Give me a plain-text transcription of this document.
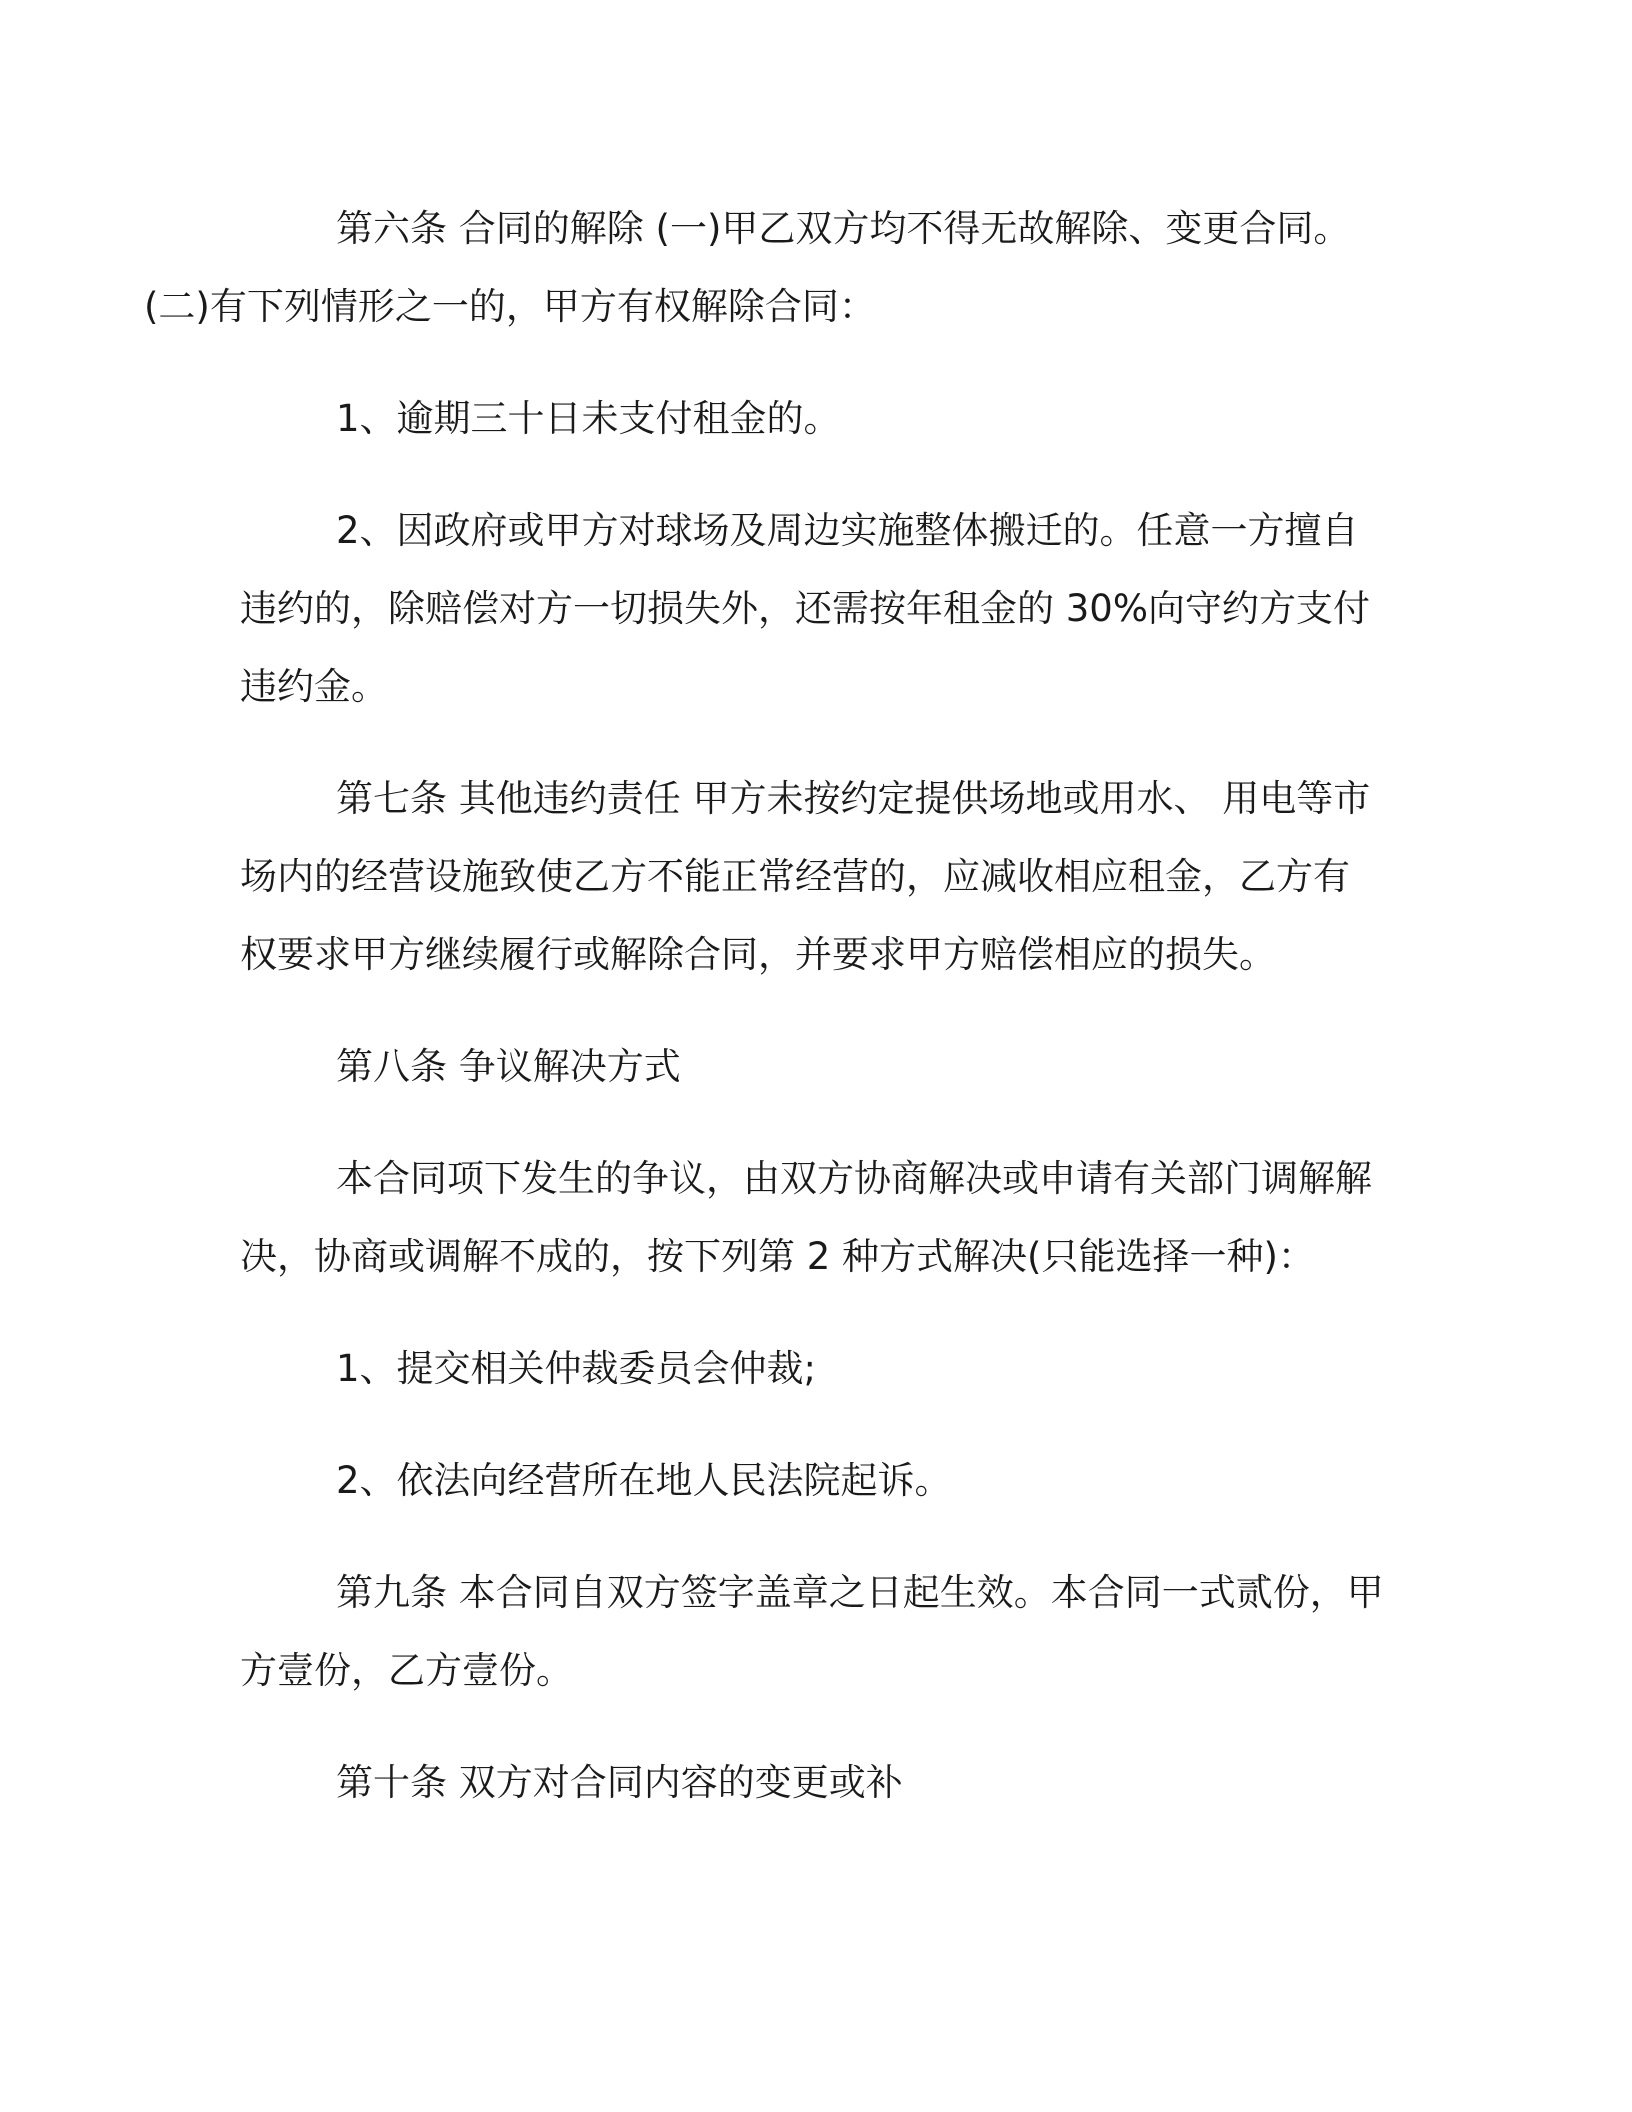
第六条 合同的解除 (一)甲乙双方均不得无故解除、变更合同。
(二)有下列情形之一的，甲方有权解除合同：

1、逾期三十日未支付租金的。

2、因政府或甲方对球场及周边实施整体搬迁的。任意一方擅自
违约的，除赔偿对方一切损失外，还需按年租金的 30%向守约方支付
违约金。

第七条 其他违约责任 甲方未按约定提供场地或用水、 用电等市
场内的经营设施致使乙方不能正常经营的，应减收相应租金，乙方有
权要求甲方继续履行或解除合同，并要求甲方赔偿相应的损失。

第八条 争议解决方式

本合同项下发生的争议，由双方协商解决或申请有关部门调解解
决，协商或调解不成的，按下列第 2 种方式解决(只能选择一种)：

1、提交相关仲裁委员会仲裁;

2、依法向经营所在地人民法院起诉。

第九条 本合同自双方签字盖章之日起生效。本合同一式贰份，甲
方壹份，乙方壹份。

第十条 双方对合同内容的变更或补
